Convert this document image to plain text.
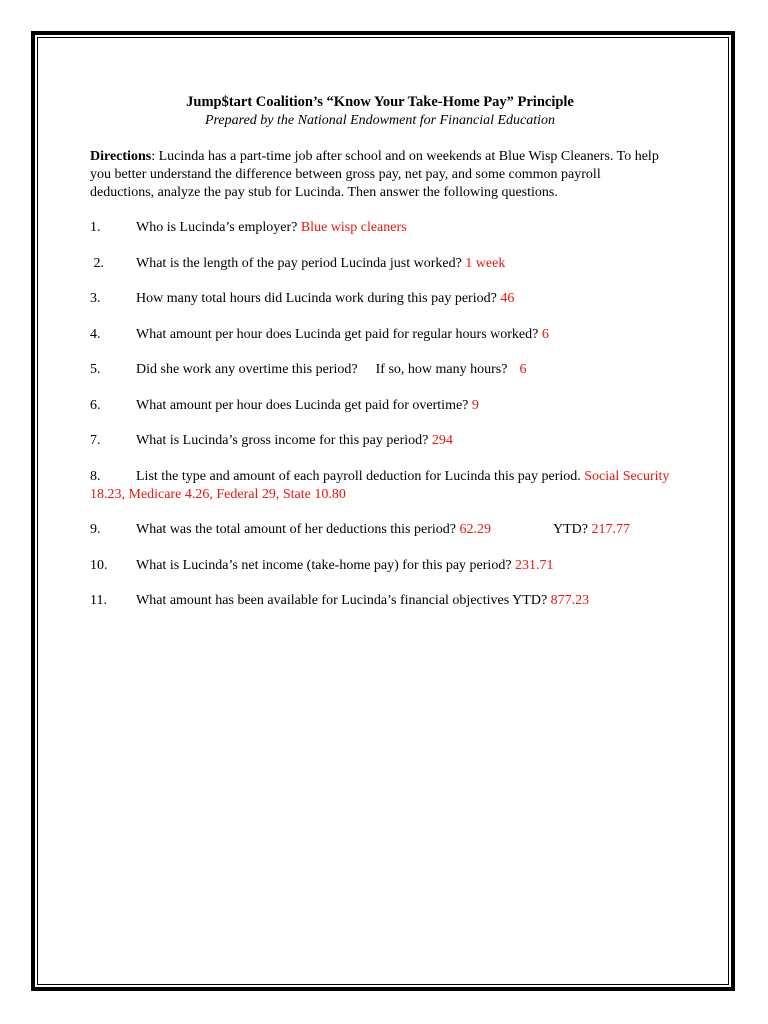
Jump$tart Coalition’s “Know Your Take-Home Pay” Principle

Prepared by the National Endowment for Financial Education

Directions: Lucinda has a part-time job after school and on weekends at Blue Wisp Cleaners. To help you better understand the difference between gross pay, net pay, and some common payroll deductions, analyze the pay stub for Lucinda. Then answer the following questions.

1.	Who is Lucinda’s employer? Blue wisp cleaners

2. What is the length of the pay period Lucinda just worked? 1 week

3.	How many total hours did Lucinda work during this pay period? 46

4.	What amount per hour does Lucinda get paid for regular hours worked? 6

5.	Did she work any overtime this period? If so, how many hours? 6

6.	What amount per hour does Lucinda get paid for overtime? 9

7.	What is Lucinda’s gross income for this pay period? 294

8.	List the type and amount of each payroll deduction for Lucinda this pay period. Social Security 18.23, Medicare 4.26, Federal 29, State 10.80

9.	What was the total amount of her deductions this period? 62.29	YTD? 217.77

10. What is Lucinda’s net income (take-home pay) for this pay period? 231.71

11. What amount has been available for Lucinda’s financial objectives YTD? 877.23
